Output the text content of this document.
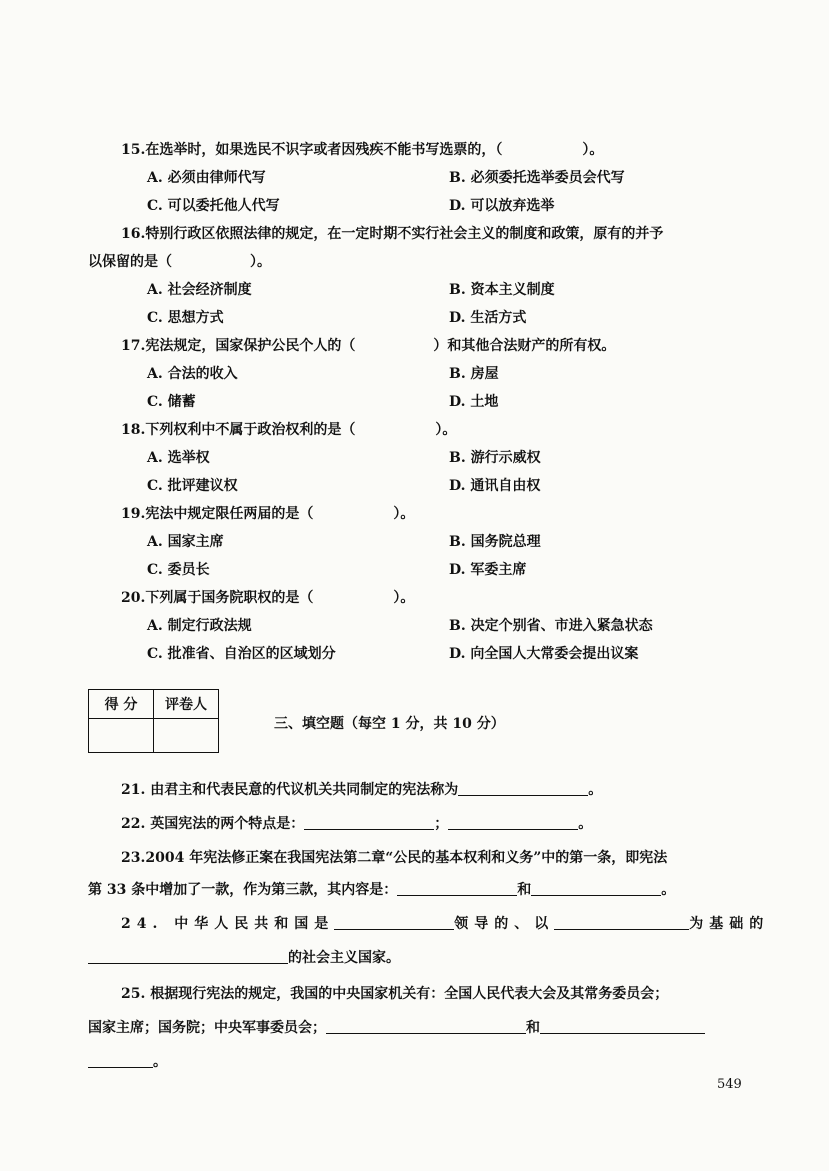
15.在选举时，如果选民不识字或者因残疾不能书写选票的，（	）。
A. 必须由律师代写	B. 必须委托选举委员会代写
C. 可以委托他人代写	D. 可以放弃选举
16.特别行政区依照法律的规定，在一定时期不实行社会主义的制度和政策，原有的并予
以保留的是（	）。
A. 社会经济制度	B. 资本主义制度
C. 思想方式	D. 生活方式
17.宪法规定，国家保护公民个人的（	）和其他合法财产的所有权。
A. 合法的收入	B. 房屋
C. 储蓄	D. 土地
18.下列权利中不属于政治权利的是（	）。
A. 选举权	B. 游行示威权
C. 批评建议权	D. 通讯自由权
19.宪法中规定限任两届的是（	）。
A. 国家主席	B. 国务院总理
C. 委员长	D. 军委主席
20.下列属于国务院职权的是（	）。
A. 制定行政法规	B. 决定个别省、市进入紧急状态
C. 批准省、自治区的区域划分	D. 向全国人大常委会提出议案
得 分	评卷人

三、填空题（每空 1 分，共 10 分）
21. 由君主和代表民意的代议机关共同制定的宪法称为	。
22. 英国宪法的两个特点是：	；	。
23.2004 年宪法修正案在我国宪法第二章“公民的基本权利和义务”中的第一条，即宪法
第 33 条中增加了一款，作为第三款，其内容是：	和	。
24. 中华人民共和国是	领导的、以	为基础的
的社会主义国家。
25. 根据现行宪法的规定，我国的中央国家机关有：全国人民代表大会及其常务委员会；
国家主席；国务院；中央军事委员会；	和
。
549
